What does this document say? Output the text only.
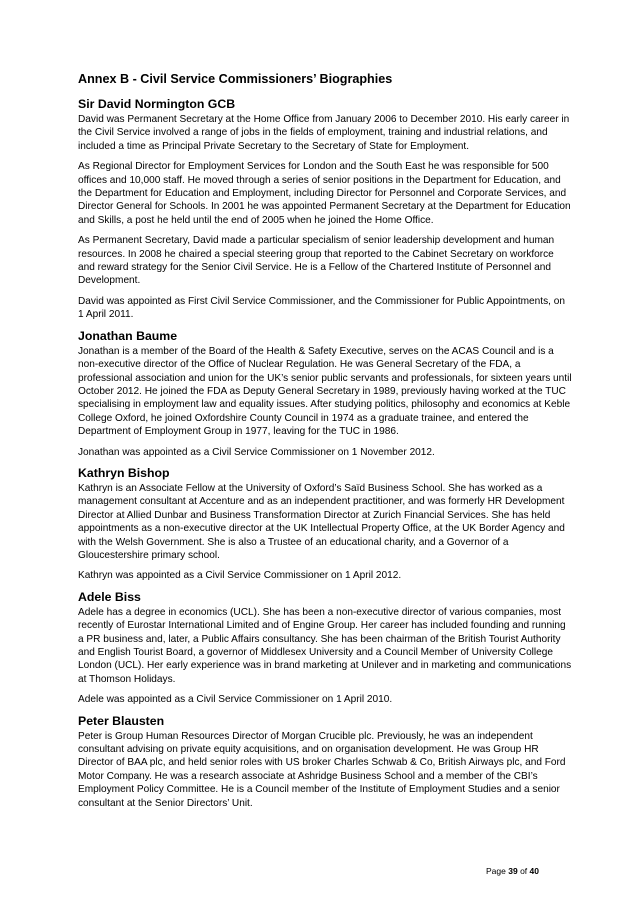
Annex B - Civil Service Commissioners’ Biographies
Sir David Normington GCB

David was Permanent Secretary at the Home Office from January 2006 to December 2010. His early career in the Civil Service involved a range of jobs in the fields of employment, training and industrial relations, and included a time as Principal Private Secretary to the Secretary of State for Employment.

As Regional Director for Employment Services for London and the South East he was responsible for 500 offices and 10,000 staff. He moved through a series of senior positions in the Department for Education, and the Department for Education and Employment, including Director for Personnel and Corporate Services, and Director General for Schools. In 2001 he was appointed Permanent Secretary at the Department for Education and Skills, a post he held until the end of 2005 when he joined the Home Office.

As Permanent Secretary, David made a particular specialism of senior leadership development and human resources. In 2008 he chaired a special steering group that reported to the Cabinet Secretary on workforce and reward strategy for the Senior Civil Service. He is a Fellow of the Chartered Institute of Personnel and Development.

David was appointed as First Civil Service Commissioner, and the Commissioner for Public Appointments, on 1 April 2011.

Jonathan Baume

Jonathan is a member of the Board of the Health & Safety Executive, serves on the ACAS Council and is a non-executive director of the Office of Nuclear Regulation. He was General Secretary of the FDA, a professional association and union for the UK’s senior public servants and professionals, for sixteen years until October 2012. He joined the FDA as Deputy General Secretary in 1989, previously having worked at the TUC specialising in employment law and equality issues. After studying politics, philosophy and economics at Keble College Oxford, he joined Oxfordshire County Council in 1974 as a graduate trainee, and entered the Department of Employment Group in 1977, leaving for the TUC in 1986.

Jonathan was appointed as a Civil Service Commissioner on 1 November 2012.

Kathryn Bishop

Kathryn is an Associate Fellow at the University of Oxford’s Saïd Business School. She has worked as a management consultant at Accenture and as an independent practitioner, and was formerly HR Development Director at Allied Dunbar and Business Transformation Director at Zurich Financial Services. She has held appointments as a non-executive director at the UK Intellectual Property Office, at the UK Border Agency and with the Welsh Government. She is also a Trustee of an educational charity, and a Governor of a Gloucestershire primary school.

Kathryn was appointed as a Civil Service Commissioner on 1 April 2012.

Adele Biss

Adele has a degree in economics (UCL). She has been a non-executive director of various companies, most recently of Eurostar International Limited and of Engine Group. Her career has included founding and running a PR business and, later, a Public Affairs consultancy. She has been chairman of the British Tourist Authority and English Tourist Board, a governor of Middlesex University and a Council Member of University College London (UCL). Her early experience was in brand marketing at Unilever and in marketing and communications at Thomson Holidays.

Adele was appointed as a Civil Service Commissioner on 1 April 2010.

Peter Blausten

Peter is Group Human Resources Director of Morgan Crucible plc. Previously, he was an independent consultant advising on private equity acquisitions, and on organisation development. He was Group HR Director of BAA plc, and held senior roles with US broker Charles Schwab & Co, British Airways plc, and Ford Motor Company. He was a research associate at Ashridge Business School and a member of the CBI’s Employment Policy Committee. He is a Council member of the Institute of Employment Studies and a senior consultant at the Senior Directors’ Unit.

Page 39 of 40
